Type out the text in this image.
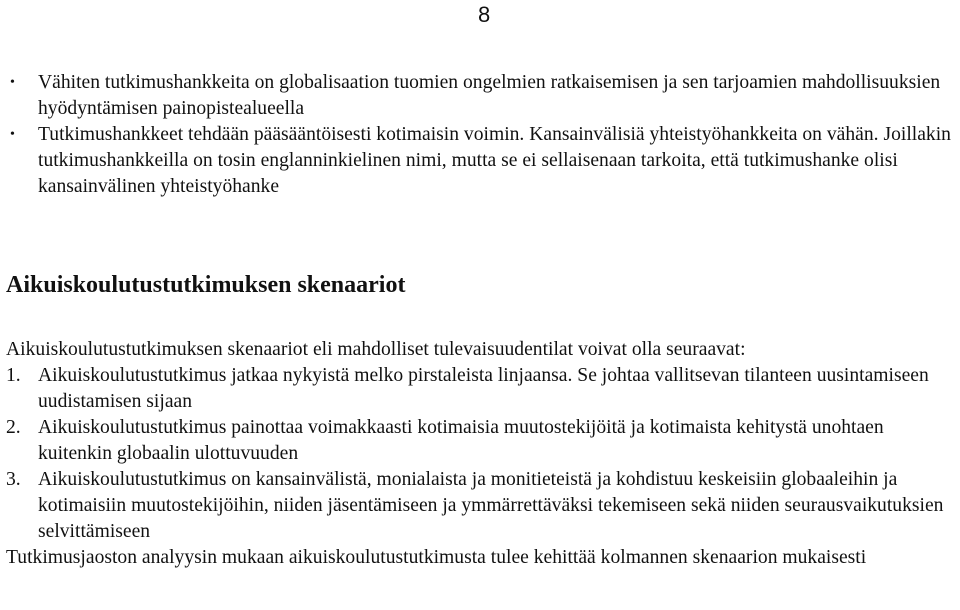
8
• Vähiten tutkimushankkeita on globalisaation tuomien ongelmien ratkaisemisen ja sen tarjoamien mahdollisuuksien hyödyntämisen painopistealueella
• Tutkimushankkeet tehdään pääsääntöisesti kotimaisin voimin. Kansainvälisiä yhteistyöhankkeita on vähän. Joillakin tutkimushankkeilla on tosin englanninkielinen nimi, mutta se ei sellaisenaan tarkoita, että tutkimushanke olisi kansainvälinen yhteistyöhanke
Aikuiskoulutustutkimuksen skenaariot

Aikuiskoulutustutkimuksen skenaariot eli mahdolliset tulevaisuudentilat voivat olla seuraavat:

1. Aikuiskoulutustutkimus jatkaa nykyistä melko pirstaleista linjaansa. Se johtaa vallitsevan tilanteen uusintamiseen uudistamisen sijaan

2. Aikuiskoulutustutkimus painottaa voimakkaasti kotimaisia muutostekijöitä ja kotimaista kehitystä unohtaen kuitenkin globaalin ulottuvuuden

3. Aikuiskoulutustutkimus on kansainvälistä, monialaista ja monitieteistä ja kohdistuu keskeisiin globaaleihin ja kotimaisiin muutostekijöihin, niiden jäsentämiseen ja ymmärrettäväksi tekemiseen sekä niiden seurausvaikutuksien selvittämiseen

Tutkimusjaoston analyysin mukaan aikuiskoulutustutkimusta tulee kehittää kolmannen skenaarion mukaisesti
